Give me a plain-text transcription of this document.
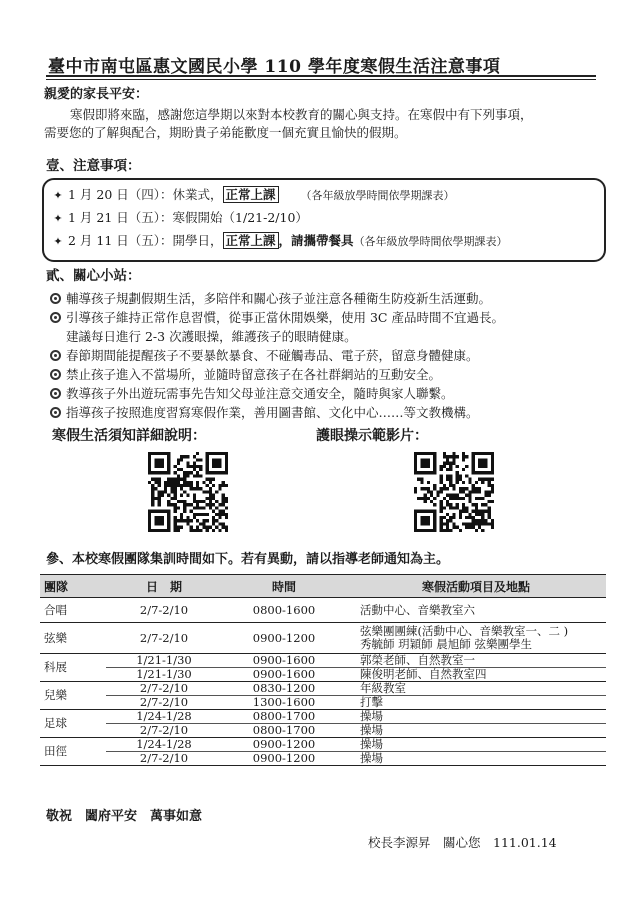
臺中市南屯區惠文國民小學 110 學年度寒假生活注意事項
親愛的家長平安：
寒假即將來臨，感謝您這學期以來對本校教育的關心與支持。在寒假中有下列事項，
需要您的了解與配合，期盼貴子弟能歡度一個充實且愉快的假期。
壹、注意事項：
✦ 1 月 20 日（四）：休業式， 正常上課 （各年級放學時間依學期課表）
✦ 1 月 21 日（五）：寒假開始（1/21-2/10）
✦ 2 月 11 日（五）：開學日， 正常上課 ，請攜帶餐具（各年級放學時間依學期課表）
貳、關心小站：
輔導孩子規劃假期生活，多陪伴和關心孩子並注意各種衛生防疫新生活運動。
引導孩子維持正常作息習慣，從事正當休閒娛樂，使用 3C 產品時間不宜過長。
建議每日進行 2-3 次護眼操，維護孩子的眼睛健康。
春節期間能提醒孩子不要暴飲暴食、不碰觸毒品、電子菸，留意身體健康。
禁止孩子進入不當場所，並隨時留意孩子在各社群網站的互動安全。
教導孩子外出遊玩需事先告知父母並注意交通安全，隨時與家人聯繫。
指導孩子按照進度習寫寒假作業，善用圖書館、文化中心……等文教機構。
寒假生活須知詳細說明：	護眼操示範影片：
參、本校寒假團隊集訓時間如下。若有異動，請以指導老師通知為主。
團隊	日　期	時間	寒假活動項目及地點
合唱	2/7-2/10	0800-1600	活動中心、音樂教室六
弦樂	2/7-2/10	0900-1200	弦樂團團練(活動中心、音樂教室一、二 )
秀毓師 玥穎師 晨旭師 弦樂團學生

科展	1/21-1/30	0900-1600	郭榮老師、自然教室一
	1/21-1/30	0900-1600	陳俊明老師、自然教室四
兒樂	2/7-2/10	0830-1200	年級教室
	2/7-2/10	1300-1600	打擊
足球	1/24-1/28	0800-1700	操場
	2/7-2/10	0800-1700	操場
田徑	1/24-1/28	0900-1200	操場
	2/7-2/10	0900-1200	操場
敬祝　闔府平安　萬事如意
校長李源昇　關心您　111.01.14
